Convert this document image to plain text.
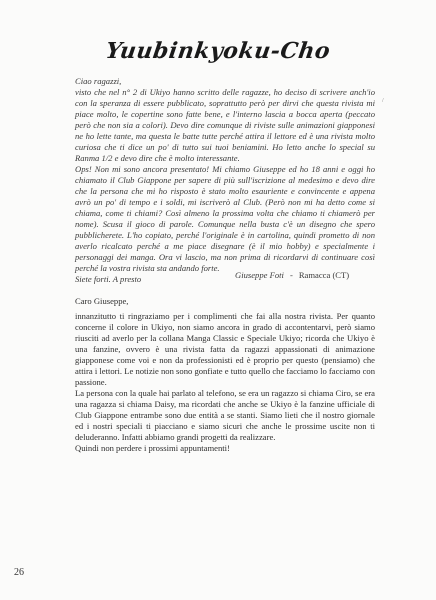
Yuubinkyoku-Cho
/

Ciao ragazzi,

visto che nel n° 2 di Ukiyo hanno scritto delle ragazze, ho deciso di scrivere anch'io con la speranza di essere pubblicato, soprattutto però per dirvi che questa rivista mi piace molto, le copertine sono fatte bene, e l'interno lascia a bocca aperta (peccato però che non sia a colori). Devo dire comunque di riviste sulle animazioni giapponesi ne ho lette tante, ma questa le batte tutte perché attira il lettore ed è una rivista molto curiosa che ti dice un po' di tutto sui tuoi beniamini. Ho letto anche lo special su Ranma 1/2 e devo dire che è molto interessante.

Ops! Non mi sono ancora presentato! Mi chiamo Giuseppe ed ho 18 anni e oggi ho chiamato il Club Giappone per sapere di più sull'iscrizione al medesimo e devo dire che la persona che mi ho risposto è stato molto esauriente e convincente e appena avrò un po' di tempo e i soldi, mi iscriverò al Club. (Però non mi ha detto come si chiama, come ti chiami? Così almeno la prossima volta che chiamo ti chiamerò per nome). Scusa il gioco di parole. Comunque nella busta c'è un disegno che spero pubblicherete. L'ho copiato, perché l'originale è in cartolina, quindi prometto di non averlo ricalcato perché a me piace disegnare (è il mio hobby) e specialmente i personaggi dei manga. Ora vi lascio, ma non prima di ricordarvi di continuare così perché la vostra rivista sta andando forte.

Siete forti. A presto	Giuseppe Foti - Ramacca (CT)

Caro Giuseppe,

innanzitutto ti ringraziamo per i complimenti che fai alla nostra rivista. Per quanto concerne il colore in Ukiyo, non siamo ancora in grado di accontentarvi, però siamo riusciti ad averlo per la collana Manga Classic e Speciale Ukiyo; ricorda che Ukiyo è una fanzine, ovvero è una rivista fatta da ragazzi appassionati di animazione giapponese come voi e non da professionisti ed è proprio per questo (pensiamo) che attira i lettori. Le notizie non sono gonfiate e tutto quello che facciamo lo facciamo con passione.

La persona con la quale hai parlato al telefono, se era un ragazzo si chiama Ciro, se era una ragazza si chiama Daisy, ma ricordati che anche se Ukiyo è la fanzine ufficiale di Club Giappone entrambe sono due entità a se stanti. Siamo lieti che il nostro giornale ed i nostri speciali ti piacciano e siamo sicuri che anche le prossime uscite non ti deluderanno. Infatti abbiamo grandi progetti da realizzare.

Quindi non perdere i prossimi appuntamenti!

26
